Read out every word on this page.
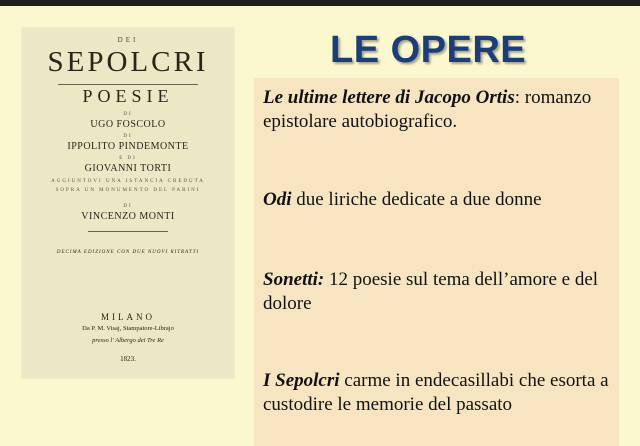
DEI

SEPOLCRI

POESIE

DI

UGO FOSCOLO

DI

IPPOLITO PINDEMONTE

E DI

GIOVANNI TORTI

AGGIUNTOVI UNA ISTANCIA CREDUTA

SOPRA UN MONUMENTO DEL PARINI

DI

VINCENZO MONTI

DECIMA EDIZIONE CON DUE NUOVI RITRATTI

MILANO

Da P. M. Visaj, Stampatore-Librajo

presso l' Albergo dei Tre Re

1823.

LE OPERE

Le ultime lettere di Jacopo Ortis: romanzo epistolare autobiografico.

Odi due liriche dedicate a due donne

Sonetti: 12 poesie sul tema dell’amore e del dolore

I Sepolcri carme in endecasillabi che esorta a custodire le memorie del passato
